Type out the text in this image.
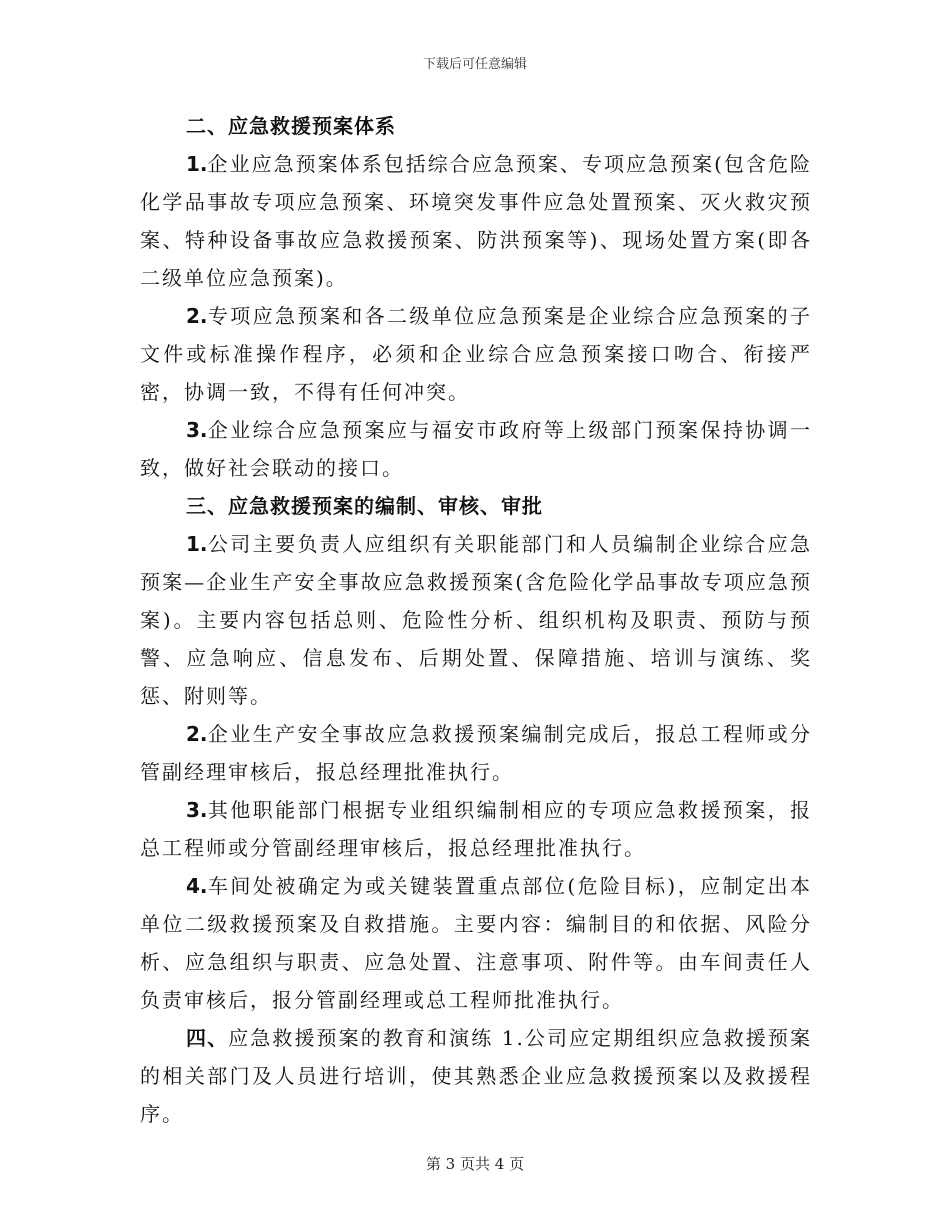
下载后可任意编辑
二、应急救援预案体系

1.企业应急预案体系包括综合应急预案、专项应急预案(包含危险化学品事故专项应急预案、环境突发事件应急处置预案、灭火救灾预案、特种设备事故应急救援预案、防洪预案等)、现场处置方案(即各二级单位应急预案)。

2.专项应急预案和各二级单位应急预案是企业综合应急预案的子文件或标准操作程序，必须和企业综合应急预案接口吻合、衔接严密，协调一致，不得有任何冲突。

3.企业综合应急预案应与福安市政府等上级部门预案保持协调一致，做好社会联动的接口。

三、应急救援预案的编制、审核、审批

1.公司主要负责人应组织有关职能部门和人员编制企业综合应急预案—企业生产安全事故应急救援预案(含危险化学品事故专项应急预案)。主要内容包括总则、危险性分析、组织机构及职责、预防与预警、应急响应、信息发布、后期处置、保障措施、培训与演练、奖惩、附则等。

2.企业生产安全事故应急救援预案编制完成后，报总工程师或分管副经理审核后，报总经理批准执行。

3.其他职能部门根据专业组织编制相应的专项应急救援预案，报总工程师或分管副经理审核后，报总经理批准执行。

4.车间处被确定为或关键装置重点部位(危险目标)，应制定出本单位二级救援预案及自救措施。主要内容：编制目的和依据、风险分析、应急组织与职责、应急处置、注意事项、附件等。由车间责任人负责审核后，报分管副经理或总工程师批准执行。

四、应急救援预案的教育和演练 1.公司应定期组织应急救援预案的相关部门及人员进行培训，使其熟悉企业应急救援预案以及救援程序。

第 3 页共 4 页
